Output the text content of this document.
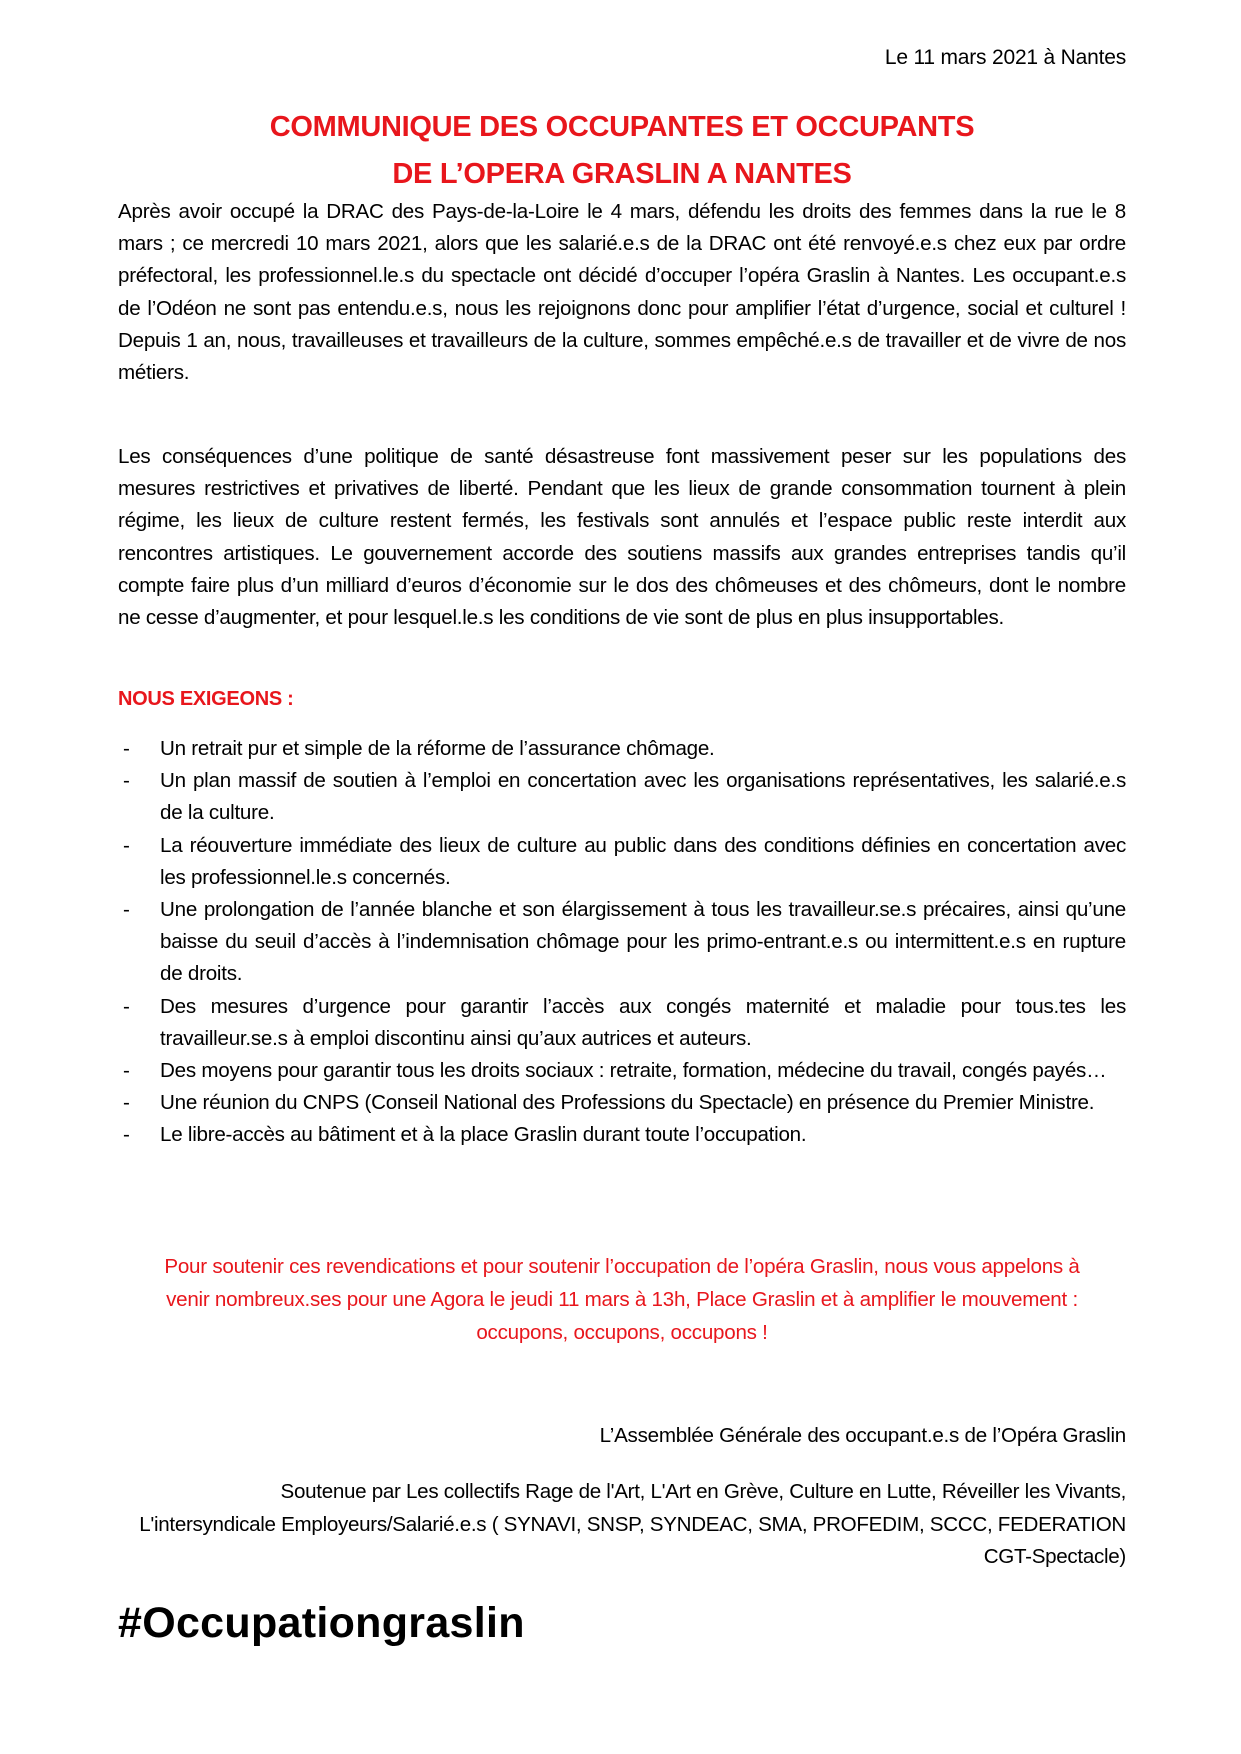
Le 11 mars 2021 à Nantes
COMMUNIQUE DES OCCUPANTES ET OCCUPANTS
DE L’OPERA GRASLIN A NANTES

Après avoir occupé la DRAC des Pays-de-la-Loire le 4 mars, défendu les droits des femmes dans la rue le 8 mars ; ce mercredi 10 mars 2021, alors que les salarié.e.s de la DRAC ont été renvoyé.e.s chez eux par ordre préfectoral, les professionnel.le.s du spectacle ont décidé d’occuper l’opéra Graslin à Nantes. Les occupant.e.s de l’Odéon ne sont pas entendu.e.s, nous les rejoignons donc pour amplifier l’état d’urgence, social et culturel ! Depuis 1 an, nous, travailleuses et travailleurs de la culture, sommes empêché.e.s de travailler et de vivre de nos métiers.

Les conséquences d’une politique de santé désastreuse font massivement peser sur les populations des mesures restrictives et privatives de liberté. Pendant que les lieux de grande consommation tournent à plein régime, les lieux de culture restent fermés, les festivals sont annulés et l’espace public reste interdit aux rencontres artistiques. Le gouvernement accorde des soutiens massifs aux grandes entreprises tandis qu’il compte faire plus d’un milliard d’euros d’économie sur le dos des chômeuses et des chômeurs, dont le nombre ne cesse d’augmenter, et pour lesquel.le.s les conditions de vie sont de plus en plus insupportables.

NOUS EXIGEONS :

- Un retrait pur et simple de la réforme de l’assurance chômage.
- Un plan massif de soutien à l’emploi en concertation avec les organisations représentatives, les salarié.e.s de la culture.
- La réouverture immédiate des lieux de culture au public dans des conditions définies en concertation avec les professionnel.le.s concernés.
- Une prolongation de l’année blanche et son élargissement à tous les travailleur.se.s précaires, ainsi qu’une baisse du seuil d’accès à l’indemnisation chômage pour les primo-entrant.e.s ou intermittent.e.s en rupture de droits.
- Des mesures d’urgence pour garantir l’accès aux congés maternité et maladie pour tous.tes les travailleur.se.s à emploi discontinu ainsi qu’aux autrices et auteurs.
- Des moyens pour garantir tous les droits sociaux : retraite, formation, médecine du travail, congés payés…
- Une réunion du CNPS (Conseil National des Professions du Spectacle) en présence du Premier Ministre.
- Le libre-accès au bâtiment et à la place Graslin durant toute l’occupation.
Pour soutenir ces revendications et pour soutenir l’occupation de l’opéra Graslin, nous vous appelons à
venir nombreux.ses pour une Agora le jeudi 11 mars à 13h, Place Graslin et à amplifier le mouvement :
occupons, occupons, occupons !

L’Assemblée Générale des occupant.e.s de l’Opéra Graslin

Soutenue par Les collectifs Rage de l'Art, L'Art en Grève, Culture en Lutte, Réveiller les Vivants,
L'intersyndicale Employeurs/Salarié.e.s ( SYNAVI, SNSP, SYNDEAC, SMA, PROFEDIM, SCCC, FEDERATION
CGT-Spectacle)

#Occupationgraslin
